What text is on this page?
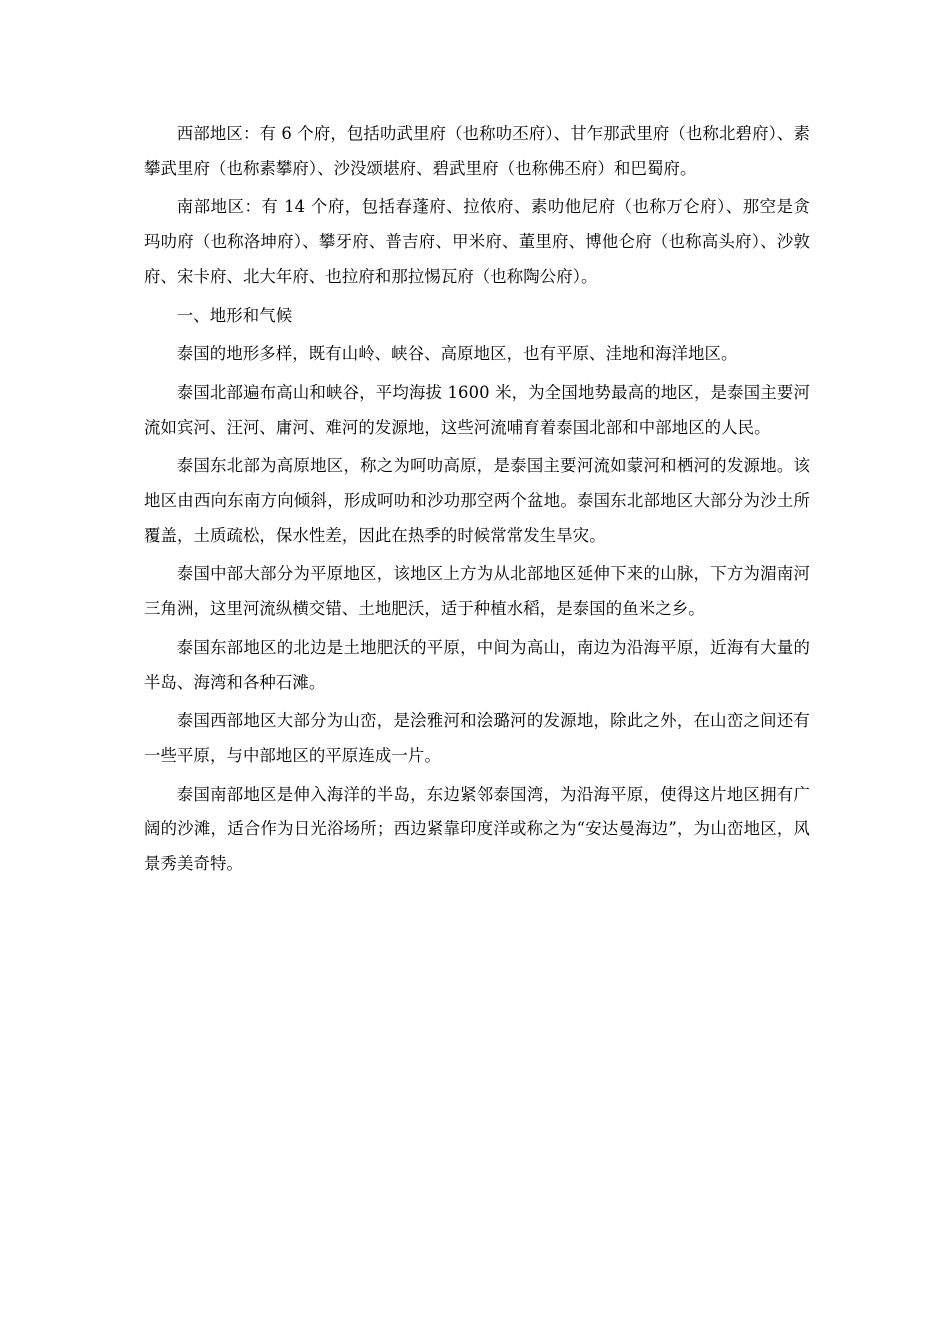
西部地区：有 6 个府，包括叻武里府（也称叻丕府）、甘乍那武里府（也称北碧府）、素攀武里府（也称素攀府）、沙没颂堪府、碧武里府（也称佛丕府）和巴蜀府。

南部地区：有 14 个府，包括春蓬府、拉侬府、素叻他尼府（也称万仑府）、那空是贪玛叻府（也称洛坤府）、攀牙府、普吉府、甲米府、董里府、博他仑府（也称高头府）、沙敦府、宋卡府、北大年府、也拉府和那拉惕瓦府（也称陶公府）。

一、地形和气候

泰国的地形多样，既有山岭、峡谷、高原地区，也有平原、洼地和海洋地区。

泰国北部遍布高山和峡谷，平均海拔 1600 米，为全国地势最高的地区，是泰国主要河流如宾河、汪河、庸河、难河的发源地，这些河流哺育着泰国北部和中部地区的人民。

泰国东北部为高原地区，称之为呵叻高原，是泰国主要河流如蒙河和栖河的发源地。该地区由西向东南方向倾斜，形成呵叻和沙功那空两个盆地。泰国东北部地区大部分为沙土所覆盖，土质疏松，保水性差，因此在热季的时候常常发生旱灾。

泰国中部大部分为平原地区，该地区上方为从北部地区延伸下来的山脉，下方为湄南河三角洲，这里河流纵横交错、土地肥沃，适于种植水稻，是泰国的鱼米之乡。

泰国东部地区的北边是土地肥沃的平原，中间为高山，南边为沿海平原，近海有大量的半岛、海湾和各种石滩。

泰国西部地区大部分为山峦，是浍雅河和浍璐河的发源地，除此之外，在山峦之间还有一些平原，与中部地区的平原连成一片。

泰国南部地区是伸入海洋的半岛，东边紧邻泰国湾，为沿海平原，使得这片地区拥有广阔的沙滩，适合作为日光浴场所；西边紧靠印度洋或称之为“安达曼海边”，为山峦地区，风景秀美奇特。
